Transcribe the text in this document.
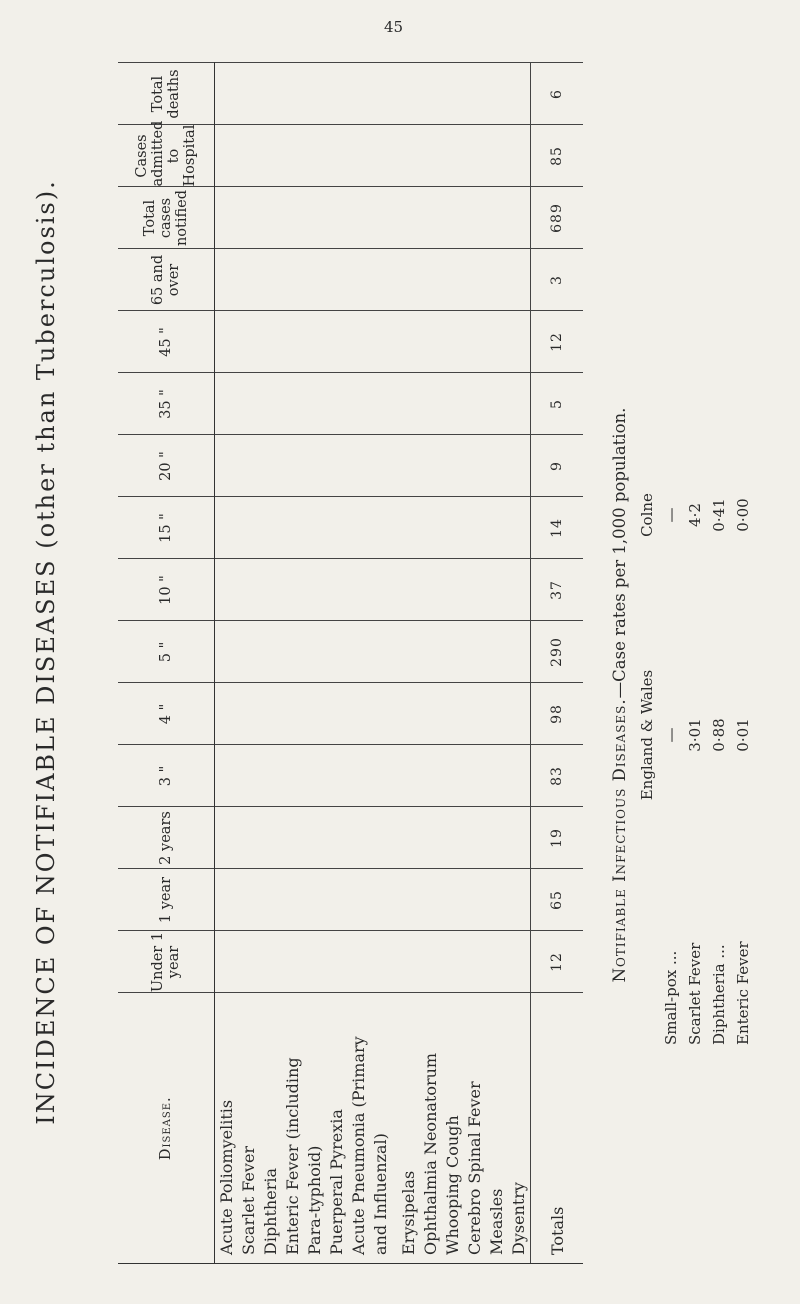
45
INCIDENCE OF NOTIFIABLE DISEASES (other than Tuberculosis).
Disease.	Under 1 year	1 year	2 years	3 "	4 "	5 "	10 "	15 "	20 "	35 "	45 "	65 and over	Total cases notified	Cases admitted to Hospital	Total deaths
Acute Poliomyelitis															
Scarlet Fever															
Diphtheria															
Enteric Fever (including															
Para-typhoid)															
Puerperal Pyrexia															
Acute Pneumonia (Primary															
and Influenzal)															

Erysipelas															
Ophthalmia Neonatorum															
Whooping Cough															
Cerebro Spinal Fever															
Measles															
Dysentry															
Totals	12	65	19	83	98	290	37	14	9	5	12	3	689	85	6
Notifiable Infectious Diseases.—Case rates per 1,000 population.
	England & Wales	Colne
Small-pox ...	—	—
Scarlet Fever	3·01	4·2
Diphtheria ...	0·88	0·41
Enteric Fever	0·01	0·00
